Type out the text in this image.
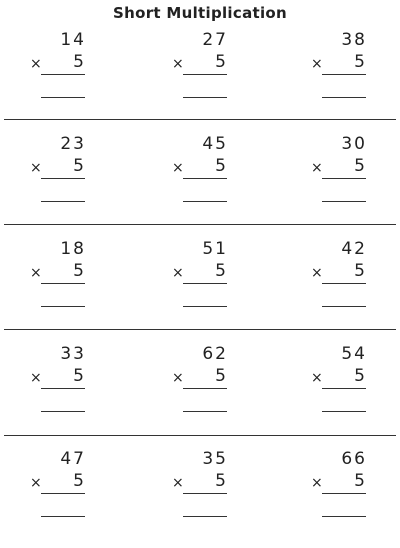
Short Multiplication
14
×	5
27
×	5
38
×	5
23
×	5
45
×	5
30
×	5
18
×	5
51
×	5
42
×	5
33
×	5
62
×	5
54
×	5
47
×	5
35
×	5
66
×	5
